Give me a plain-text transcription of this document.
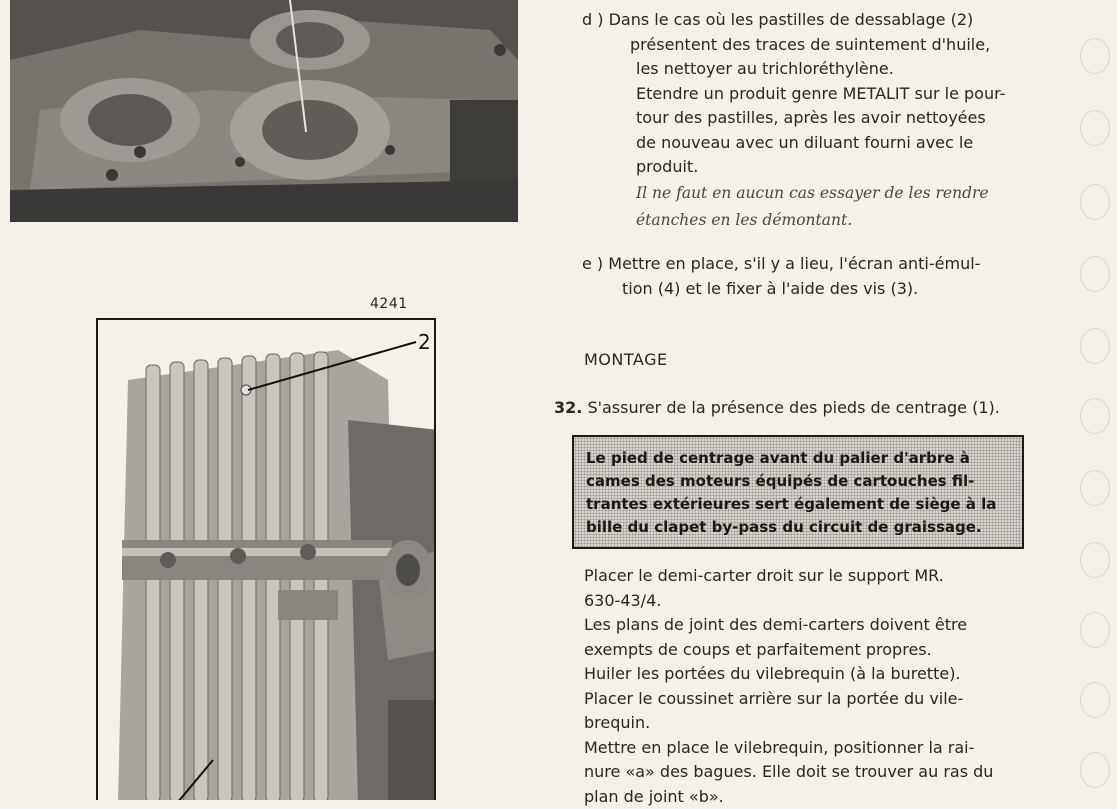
4241
2
d ) Dans le cas où les pastilles de dessablage (2)
présentent des traces de suintement d'huile,
les nettoyer au trichloréthylène.
Etendre un produit genre METALIT sur le pour-
tour des pastilles, après les avoir nettoyées
de nouveau avec un diluant fourni avec le
produit.
Il ne faut en aucun cas essayer de les rendre
étanches en les démontant.
e ) Mettre en place, s'il y a lieu, l'écran anti-émul-
tion (4) et le fixer à l'aide des vis (3).
MONTAGE
32. S'assurer de la présence des pieds de centrage (1).
Placer le demi-carter droit sur le support MR.
630-43/4.
Les plans de joint des demi-carters doivent être
exempts de coups et parfaitement propres.
Huiler les portées du vilebrequin (à la burette).
Placer le coussinet arrière sur la portée du vile-
brequin.
Mettre en place le vilebrequin, positionner la rai-
nure «a» des bagues. Elle doit se trouver au ras du
plan de joint «b».
Le pied de centrage avant du palier d'arbre à
cames des moteurs équipés de cartouches fil-
trantes extérieures sert également de siège à la
bille du clapet by-pass du circuit de graissage.
